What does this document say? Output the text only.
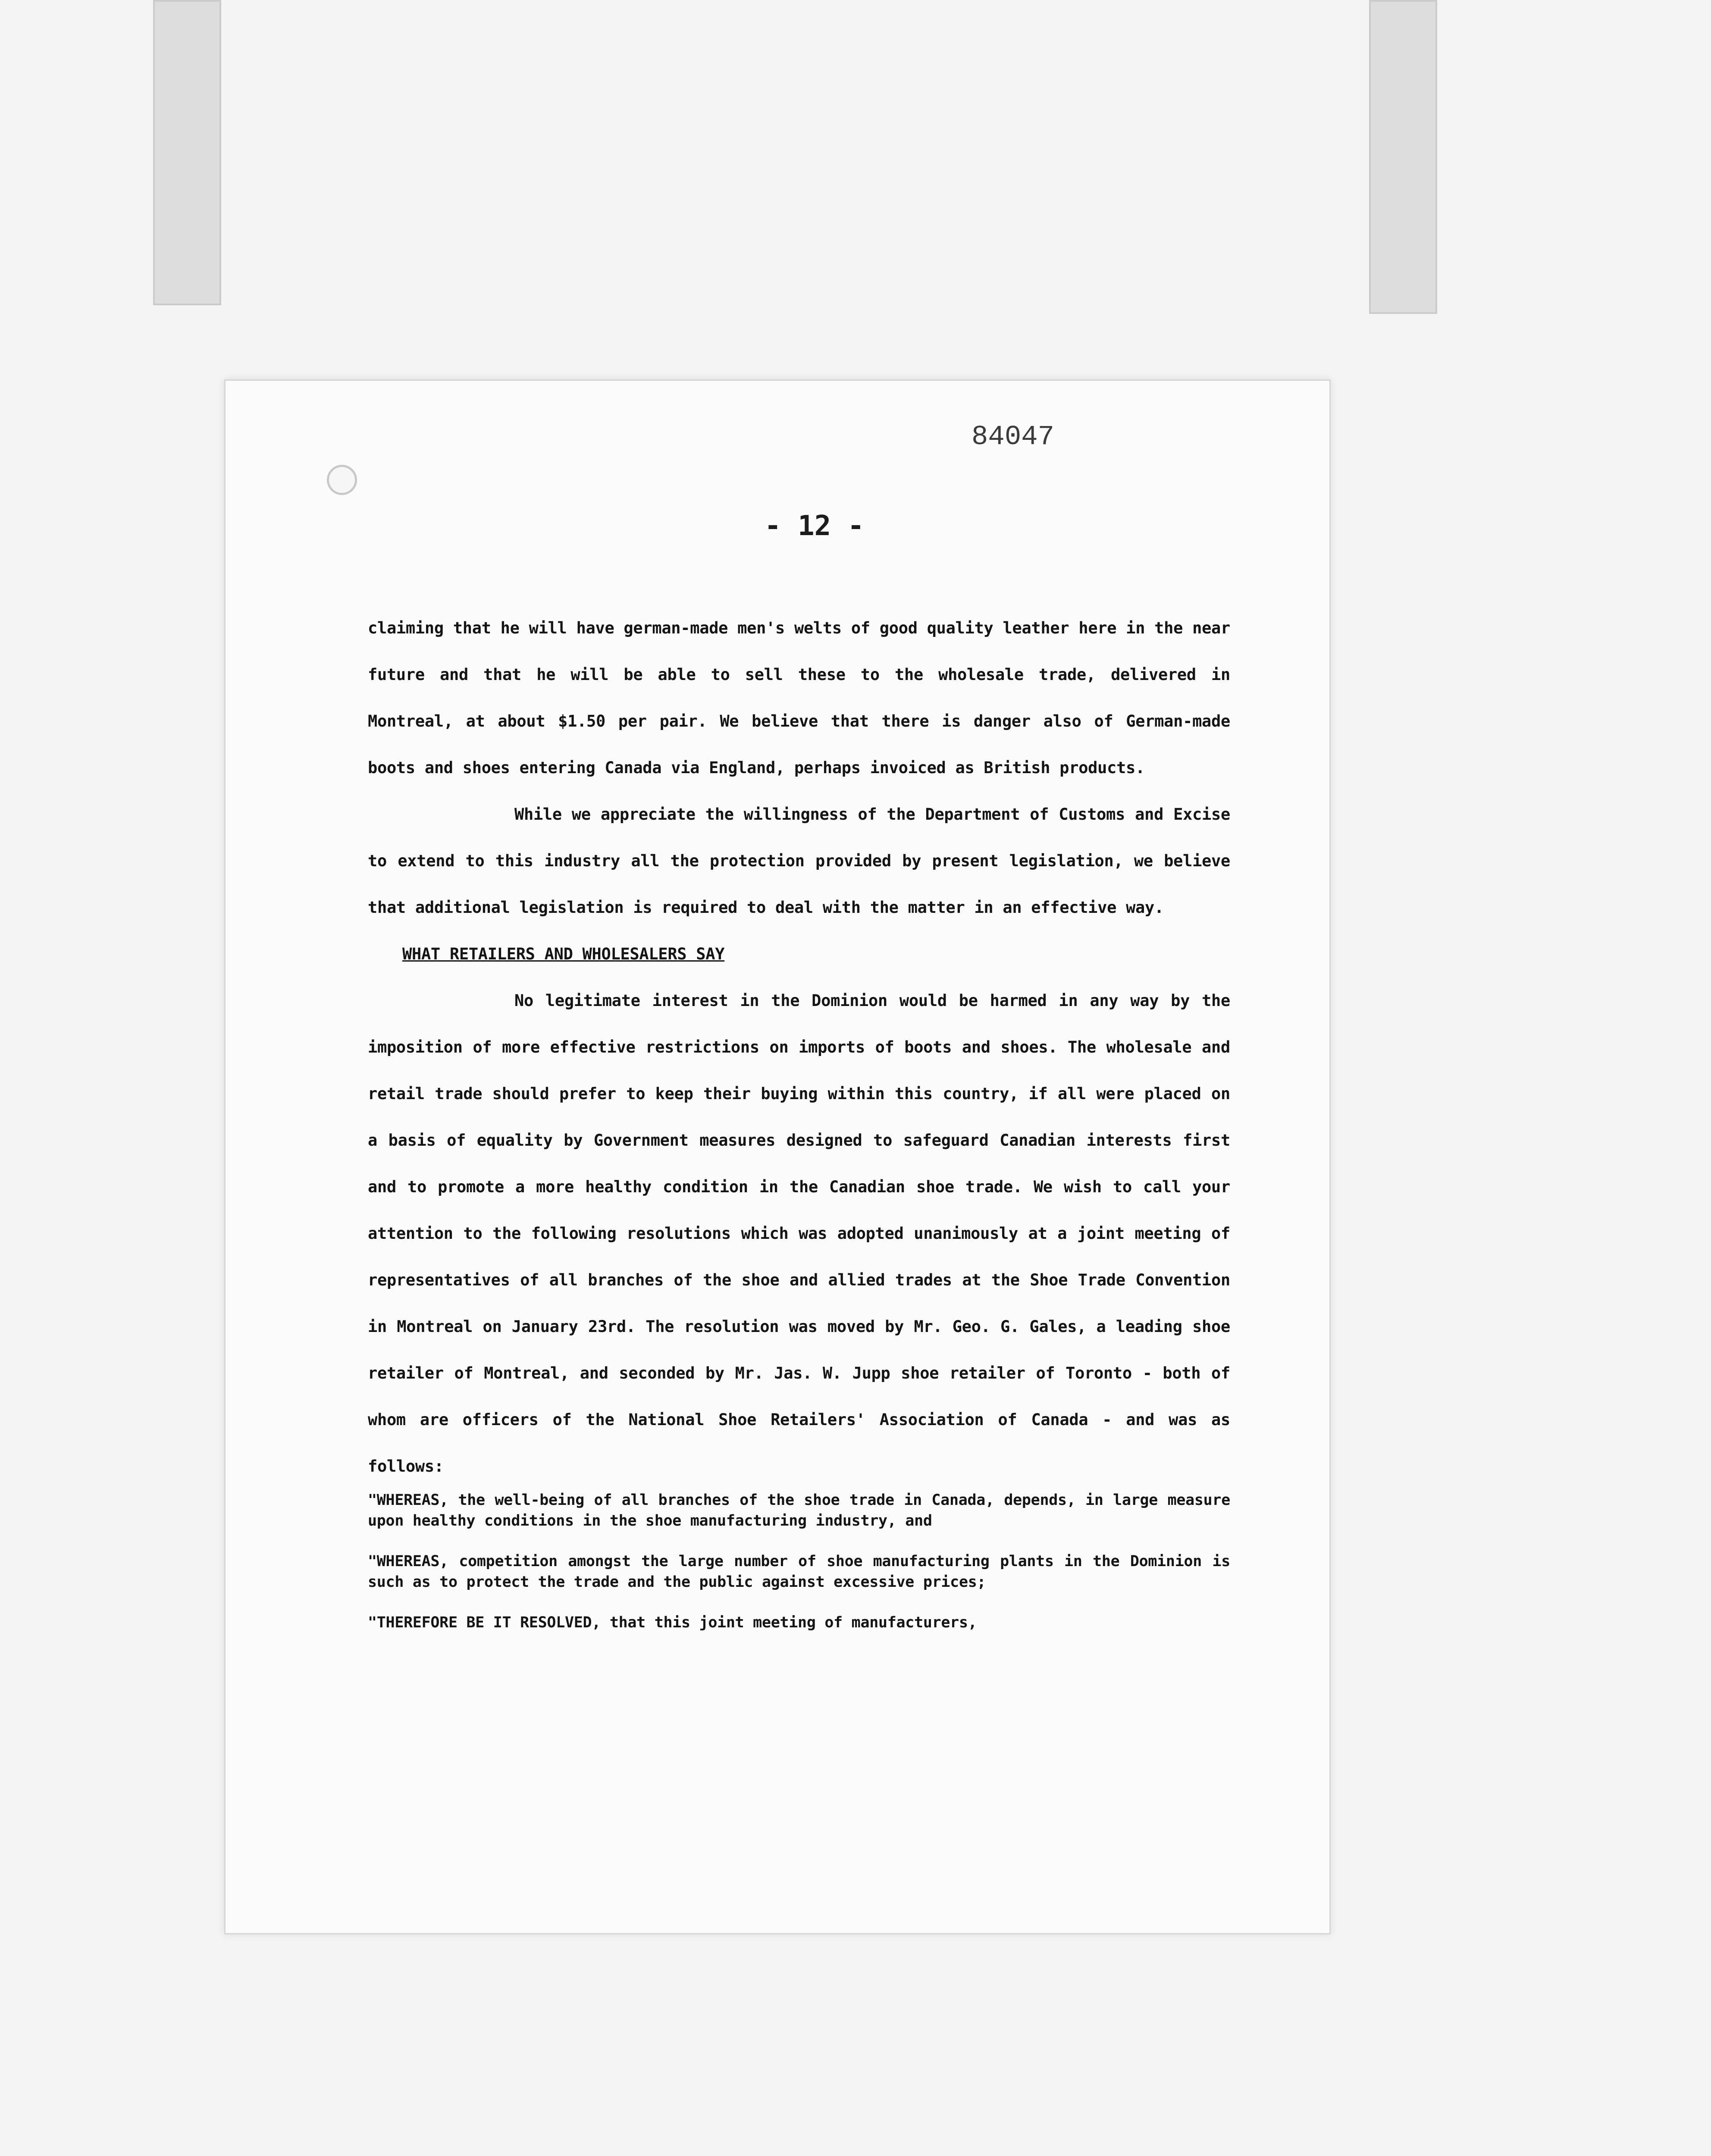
84047
- 12 -

claiming that he will have german-made men's welts of good quality leather here in the near future and that he will be able to sell these to the wholesale trade, delivered in Montreal, at about $1.50 per pair. We believe that there is danger also of German-made boots and shoes entering Canada via England, perhaps invoiced as British products.

While we appreciate the willingness of the Department of Customs and Excise to extend to this industry all the protection provided by present legislation, we believe that additional legislation is required to deal with the matter in an effective way.

WHAT RETAILERS AND WHOLESALERS SAY

No legitimate interest in the Dominion would be harmed in any way by the imposition of more effective restrictions on imports of boots and shoes. The wholesale and retail trade should prefer to keep their buying within this country, if all were placed on a basis of equality by Government measures designed to safeguard Canadian interests first and to promote a more healthy condition in the Canadian shoe trade. We wish to call your attention to the following resolutions which was adopted unanimously at a joint meeting of representatives of all branches of the shoe and allied trades at the Shoe Trade Convention in Montreal on January 23rd. The resolution was moved by Mr. Geo. G. Gales, a leading shoe retailer of Montreal, and seconded by Mr. Jas. W. Jupp shoe retailer of Toronto - both of whom are officers of the National Shoe Retailers' Association of Canada - and was as follows:

"WHEREAS, the well-being of all branches of the shoe trade in Canada, depends, in large measure upon healthy conditions in the shoe manufacturing industry, and

"WHEREAS, competition amongst the large number of shoe manufacturing plants in the Dominion is such as to protect the trade and the public against excessive prices;

"THEREFORE BE IT RESOLVED, that this joint meeting of manufacturers,
